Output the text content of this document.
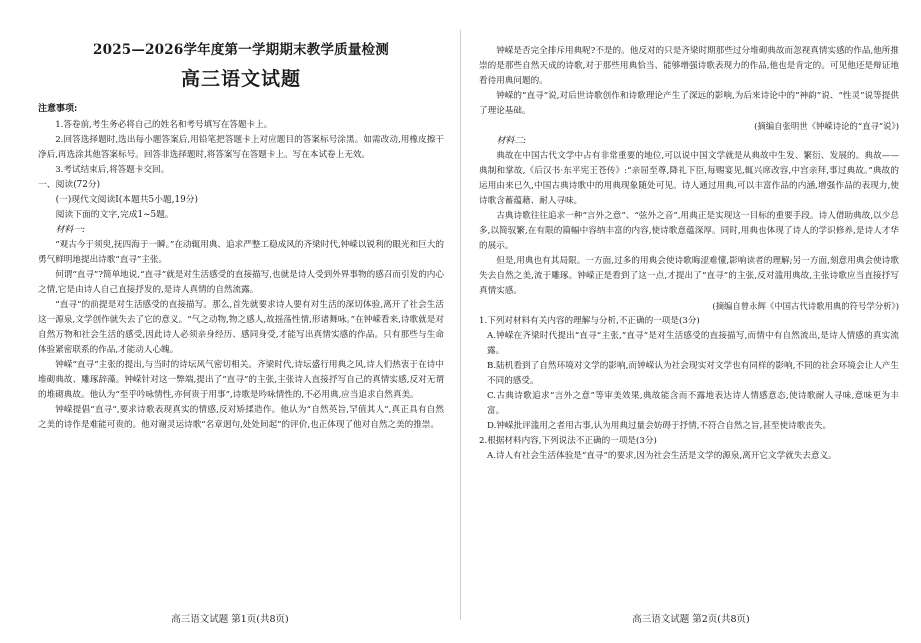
2025—2026学年度第一学期期末教学质量检测

高三语文试题

注意事项:

1.答卷前,考生务必将自己的姓名和考号填写在答题卡上。

2.回答选择题时,选出每小题答案后,用铅笔把答题卡上对应题目的答案标号涂黑。如需改动,用橡皮擦干净后,再选涂其他答案标号。回答非选择题时,将答案写在答题卡上。写在本试卷上无效。

3.考试结束后,将答题卡交回。

一、阅读(72分)

(一)现代文阅读I(本题共5小题,19分)

阅读下面的文字,完成1~5题。

材料一:

“观古今于须臾,抚四海于一瞬。”在动辄用典、追求严整工稳成风的齐梁时代,钟嵘以锐利的眼光和巨大的勇气鲜明地提出诗歌“直寻”主张。

何谓“直寻”?简单地说,“直寻”就是对生活感受的直接描写,也就是诗人受到外界事物的感召而引发的内心之情,它是由诗人自己直接抒发的,是诗人真情的自然流露。

“直寻”的前提是对生活感受的直接描写。那么,首先就要求诗人要有对生活的深切体验,离开了社会生活这一源泉,文学创作就失去了它的意义。“气之动物,物之感人,故摇荡性情,形诸舞咏。”在钟嵘看来,诗歌就是对自然万物和社会生活的感受,因此诗人必须亲身经历、感同身受,才能写出真情实感的作品。只有那些与生命体验紧密联系的作品,才能动人心魄。

钟嵘“直寻”主张的提出,与当时的诗坛风气密切相关。齐梁时代,诗坛盛行用典之风,诗人们热衷于在诗中堆砌典故、雕琢辞藻。钟嵘针对这一弊端,提出了“直寻”的主张,主张诗人直接抒写自己的真情实感,反对无谓的堆砌典故。他认为“至乎吟咏情性,亦何贵于用事”,诗歌是吟咏情性的,不必用典,应当追求自然真美。

钟嵘提倡“直寻”,要求诗歌表现真实的情感,反对矫揉造作。他认为“自然英旨,罕值其人”,真正具有自然之美的诗作是难能可贵的。他对谢灵运诗歌“名章迥句,处处间起”的评价,也正体现了他对自然之美的推崇。

高三语文试题 第1页(共8页)

钟嵘是否完全排斥用典呢?不是的。他反对的只是齐梁时期那些过分堆砌典故而忽视真情实感的作品,他所推崇的是那些自然天成的诗歌,对于那些用典恰当、能够增强诗歌表现力的作品,他也是肯定的。可见他还是辩证地看待用典问题的。

钟嵘的“直寻”说,对后世诗歌创作和诗歌理论产生了深远的影响,为后来诗论中的“神韵”说、“性灵”说等提供了理论基础。

(摘编自张明世《钟嵘诗论的“直寻”说》)

材料二:

典故在中国古代文学中占有非常重要的地位,可以说中国文学就是从典故中生发、繁衍、发展的。典故——典制和掌故,《后汉书·东平宪王苍传》:“亲屈至尊,降礼下臣,每赐宴见,辄兴席改容,中宫亲拜,事过典故。”典故的运用由来已久,中国古典诗歌中的用典现象随处可见。诗人通过用典,可以丰富作品的内涵,增强作品的表现力,使诗歌含蓄蕴藉、耐人寻味。

古典诗歌往往追求一种“言外之意”、“弦外之音”,用典正是实现这一目标的重要手段。诗人借助典故,以少总多,以简驭繁,在有限的篇幅中容纳丰富的内容,使诗歌意蕴深厚。同时,用典也体现了诗人的学识修养,是诗人才华的展示。

但是,用典也有其局限。一方面,过多的用典会使诗歌晦涩难懂,影响读者的理解;另一方面,刻意用典会使诗歌失去自然之美,流于雕琢。钟嵘正是看到了这一点,才提出了“直寻”的主张,反对滥用典故,主张诗歌应当直接抒写真情实感。

(摘编自曾永辉《中国古代诗歌用典的符号学分析》)

1.下列对材料有关内容的理解与分析,不正确的一项是(3分)

A.钟嵘在齐梁时代提出“直寻”主张,“直寻”是对生活感受的直接描写,而情中有自然流出,是诗人情感的真实流露。

B.陆机看到了自然环境对文学的影响,而钟嵘认为社会现实对文学也有同样的影响,不同的社会环境会让人产生不同的感受。

C.古典诗歌追求“言外之意”等审美效果,典故能含而不露地表达诗人情感意态,使诗歌耐人寻味,意味更为丰富。

D.钟嵘批评滥用之者用古事,认为用典过量会妨碍于抒情,不符合自然之旨,甚至使诗歌丧失。

2.根据材料内容,下列说法不正确的一项是(3分)

A.诗人有社会生活体验是“直寻”的要求,因为社会生活是文学的源泉,离开它文学就失去意义。

高三语文试题 第2页(共8页)
